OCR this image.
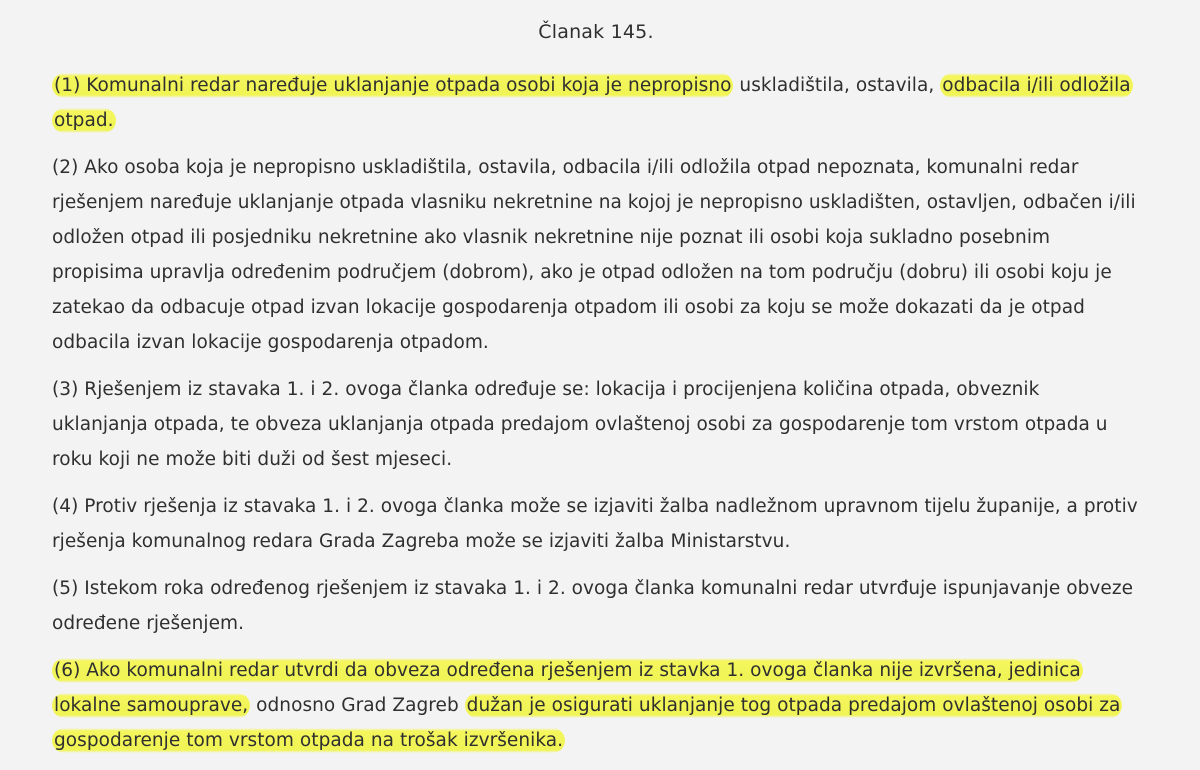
Članak 145.

(1) Komunalni redar naređuje uklanjanje otpada osobi koja je nepropisno uskladištila, ostavila, odbacila i/ili odložila otpad.

(2) Ako osoba koja je nepropisno uskladištila, ostavila, odbacila i/ili odložila otpad nepoznata, komunalni redar rješenjem naređuje uklanjanje otpada vlasniku nekretnine na kojoj je nepropisno uskladišten, ostavljen, odbačen i/ili odložen otpad ili posjedniku nekretnine ako vlasnik nekretnine nije poznat ili osobi koja sukladno posebnim propisima upravlja određenim područjem (dobrom), ako je otpad odložen na tom području (dobru) ili osobi koju je zatekao da odbacuje otpad izvan lokacije gospodarenja otpadom ili osobi za koju se može dokazati da je otpad odbacila izvan lokacije gospodarenja otpadom.

(3) Rješenjem iz stavaka 1. i 2. ovoga članka određuje se: lokacija i procijenjena količina otpada, obveznik uklanjanja otpada, te obveza uklanjanja otpada predajom ovlaštenoj osobi za gospodarenje tom vrstom otpada u roku koji ne može biti duži od šest mjeseci.

(4) Protiv rješenja iz stavaka 1. i 2. ovoga članka može se izjaviti žalba nadležnom upravnom tijelu županije, a protiv rješenja komunalnog redara Grada Zagreba može se izjaviti žalba Ministarstvu.

(5) Istekom roka određenog rješenjem iz stavaka 1. i 2. ovoga članka komunalni redar utvrđuje ispunjavanje obveze određene rješenjem.

(6) Ako komunalni redar utvrdi da obveza određena rješenjem iz stavka 1. ovoga članka nije izvršena, jedinica lokalne samouprave, odnosno Grad Zagreb dužan je osigurati uklanjanje tog otpada predajom ovlaštenoj osobi za gospodarenje tom vrstom otpada na trošak izvršenika.
